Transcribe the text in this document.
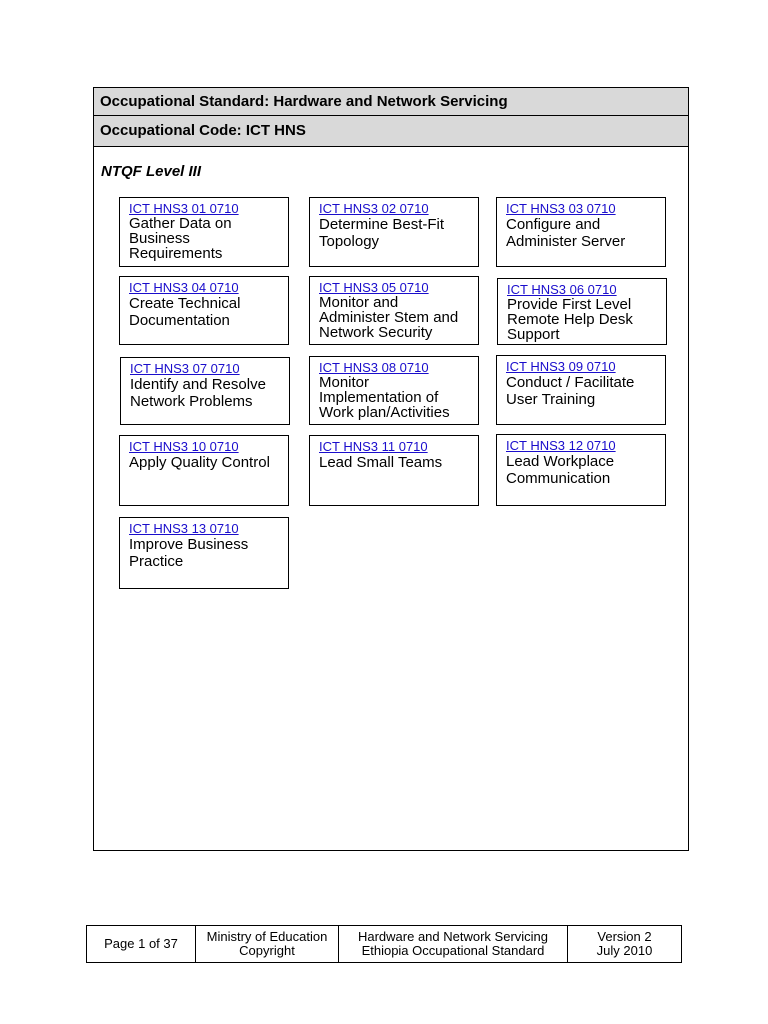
Occupational Standard: Hardware and Network Servicing
Occupational Code: ICT HNS
NTQF Level III
ICT HNS3 01 0710
Gather Data on Business Requirements
ICT HNS3 02 0710
Determine Best-Fit Topology
ICT HNS3 03 0710
Configure and Administer Server
ICT HNS3 04 0710
Create Technical Documentation
ICT HNS3 05 0710
Monitor and Administer Stem and Network Security
ICT HNS3 06 0710
Provide First Level Remote Help Desk Support
ICT HNS3 07 0710
Identify and Resolve Network Problems
ICT HNS3 08 0710
Monitor Implementation of Work plan/Activities
ICT HNS3 09 0710
Conduct / Facilitate User Training
ICT HNS3 10 0710
Apply Quality Control
ICT HNS3 11 0710
Lead Small Teams
ICT HNS3 12 0710
Lead Workplace Communication
ICT HNS3 13 0710
Improve Business Practice
Page 1 of 37 Ministry of Education
Copyright
Hardware and Network Servicing
Ethiopia Occupational Standard
Version 2
July 2010
